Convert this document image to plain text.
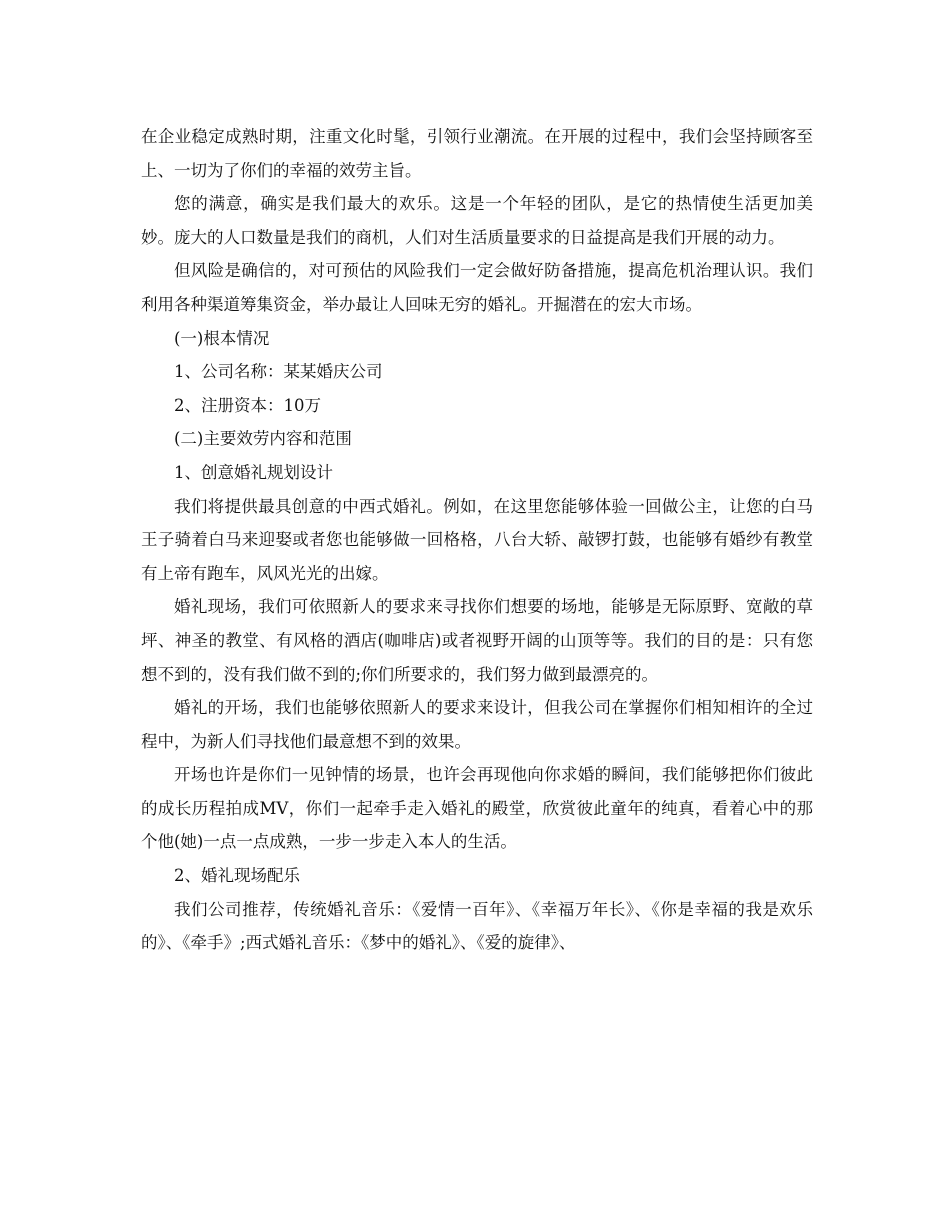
在企业稳定成熟时期，注重文化时髦，引领行业潮流。在开展的过程中，我们会坚持顾客至上、一切为了你们的幸福的效劳主旨。

您的满意，确实是我们最大的欢乐。这是一个年轻的团队，是它的热情使生活更加美妙。庞大的人口数量是我们的商机，人们对生活质量要求的日益提高是我们开展的动力。

但风险是确信的，对可预估的风险我们一定会做好防备措施，提高危机治理认识。我们利用各种渠道筹集资金，举办最让人回味无穷的婚礼。开掘潜在的宏大市场。

(一)根本情况

1、公司名称：某某婚庆公司

2、注册资本：10万

(二)主要效劳内容和范围

1、创意婚礼规划设计

我们将提供最具创意的中西式婚礼。例如，在这里您能够体验一回做公主，让您的白马王子骑着白马来迎娶或者您也能够做一回格格，八台大轿、敲锣打鼓，也能够有婚纱有教堂有上帝有跑车，风风光光的出嫁。

婚礼现场，我们可依照新人的要求来寻找你们想要的场地，能够是无际原野、宽敞的草坪、神圣的教堂、有风格的酒店(咖啡店)或者视野开阔的山顶等等。我们的目的是：只有您想不到的，没有我们做不到的;你们所要求的，我们努力做到最漂亮的。

婚礼的开场，我们也能够依照新人的要求来设计，但我公司在掌握你们相知相许的全过程中，为新人们寻找他们最意想不到的效果。

开场也许是你们一见钟情的场景，也许会再现他向你求婚的瞬间，我们能够把你们彼此的成长历程拍成MV，你们一起牵手走入婚礼的殿堂，欣赏彼此童年的纯真，看着心中的那个他(她)一点一点成熟，一步一步走入本人的生活。

2、婚礼现场配乐

我们公司推荐，传统婚礼音乐：《爱情一百年》、《幸福万年长》、《你是幸福的我是欢乐的》、《牵手》;西式婚礼音乐：《梦中的婚礼》、《爱的旋律》、
